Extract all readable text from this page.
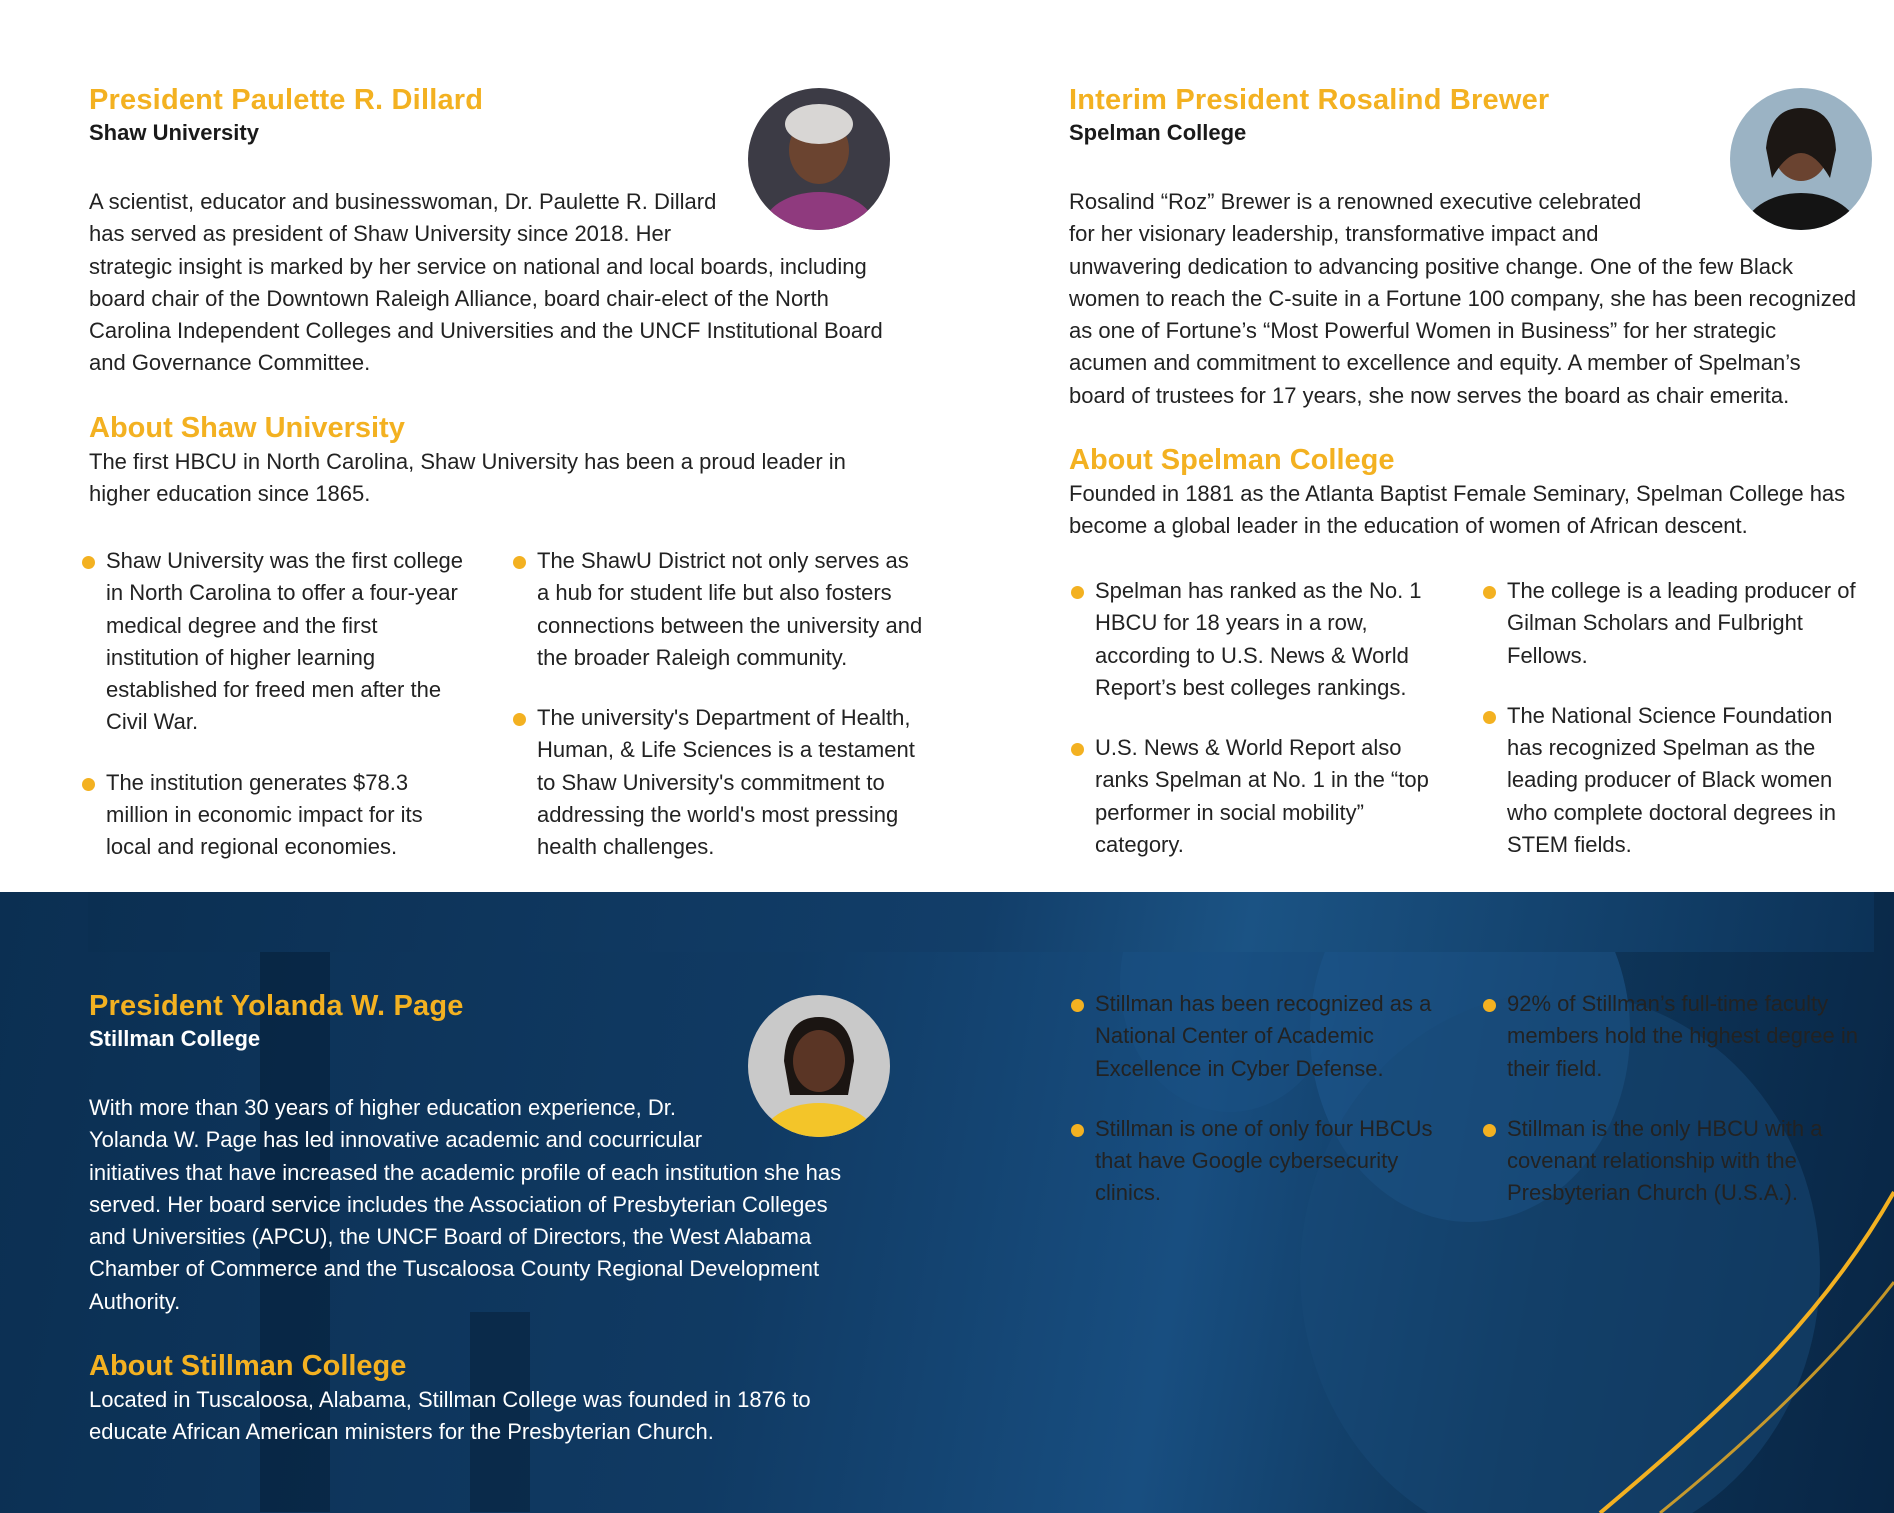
President Paulette R. Dillard
Shaw University

A scientist, educator and businesswoman, Dr. Paulette R. Dillard
has served as president of Shaw University since 2018. Her
strategic insight is marked by her service on national and local boards, including
board chair of the Downtown Raleigh Alliance, board chair-elect of the North
Carolina Independent Colleges and Universities and the UNCF Institutional Board
and Governance Committee.

About Shaw University

The first HBCU in North Carolina, Shaw University has been a proud leader in
higher education since 1865.

Shaw University was the first college in North Carolina to offer a four-year medical degree and the first institution of higher learning established for freed men after the Civil War.
The institution generates $78.3 million in economic impact for its local and regional economies.
The ShawU District not only serves as a hub for student life but also fosters connections between the university and the broader Raleigh community.
The university's Department of Health, Human, & Life Sciences is a testament to Shaw University's commitment to addressing the world's most pressing health challenges.
Interim President Rosalind Brewer
Spelman College

Rosalind “Roz” Brewer is a renowned executive celebrated
for her visionary leadership, transformative impact and
unwavering dedication to advancing positive change. One of the few Black
women to reach the C-suite in a Fortune 100 company, she has been recognized
as one of Fortune’s “Most Powerful Women in Business” for her strategic
acumen and commitment to excellence and equity. A member of Spelman’s
board of trustees for 17 years, she now serves the board as chair emerita.

About Spelman College

Founded in 1881 as the Atlanta Baptist Female Seminary, Spelman College has
become a global leader in the education of women of African descent.

Spelman has ranked as the No. 1 HBCU for 18 years in a row, according to U.S. News & World Report’s best colleges rankings.
U.S. News & World Report also ranks Spelman at No. 1 in the “top performer in social mobility” category.
The college is a leading producer of Gilman Scholars and Fulbright Fellows.
The National Science Foundation has recognized Spelman as the leading producer of Black women who complete doctoral degrees in STEM fields.
President Yolanda W. Page
Stillman College

With more than 30 years of higher education experience, Dr.
Yolanda W. Page has led innovative academic and cocurricular
initiatives that have increased the academic profile of each institution she has
served. Her board service includes the Association of Presbyterian Colleges
and Universities (APCU), the UNCF Board of Directors, the West Alabama
Chamber of Commerce and the Tuscaloosa County Regional Development
Authority.

About Stillman College

Located in Tuscaloosa, Alabama, Stillman College was founded in 1876 to
educate African American ministers for the Presbyterian Church.

Stillman has been recognized as a National Center of Academic Excellence in Cyber Defense.
Stillman is one of only four HBCUs that have Google cybersecurity clinics.
92% of Stillman’s full-time faculty members hold the highest degree in their field.
Stillman is the only HBCU with a covenant relationship with the Presbyterian Church (U.S.A.).
